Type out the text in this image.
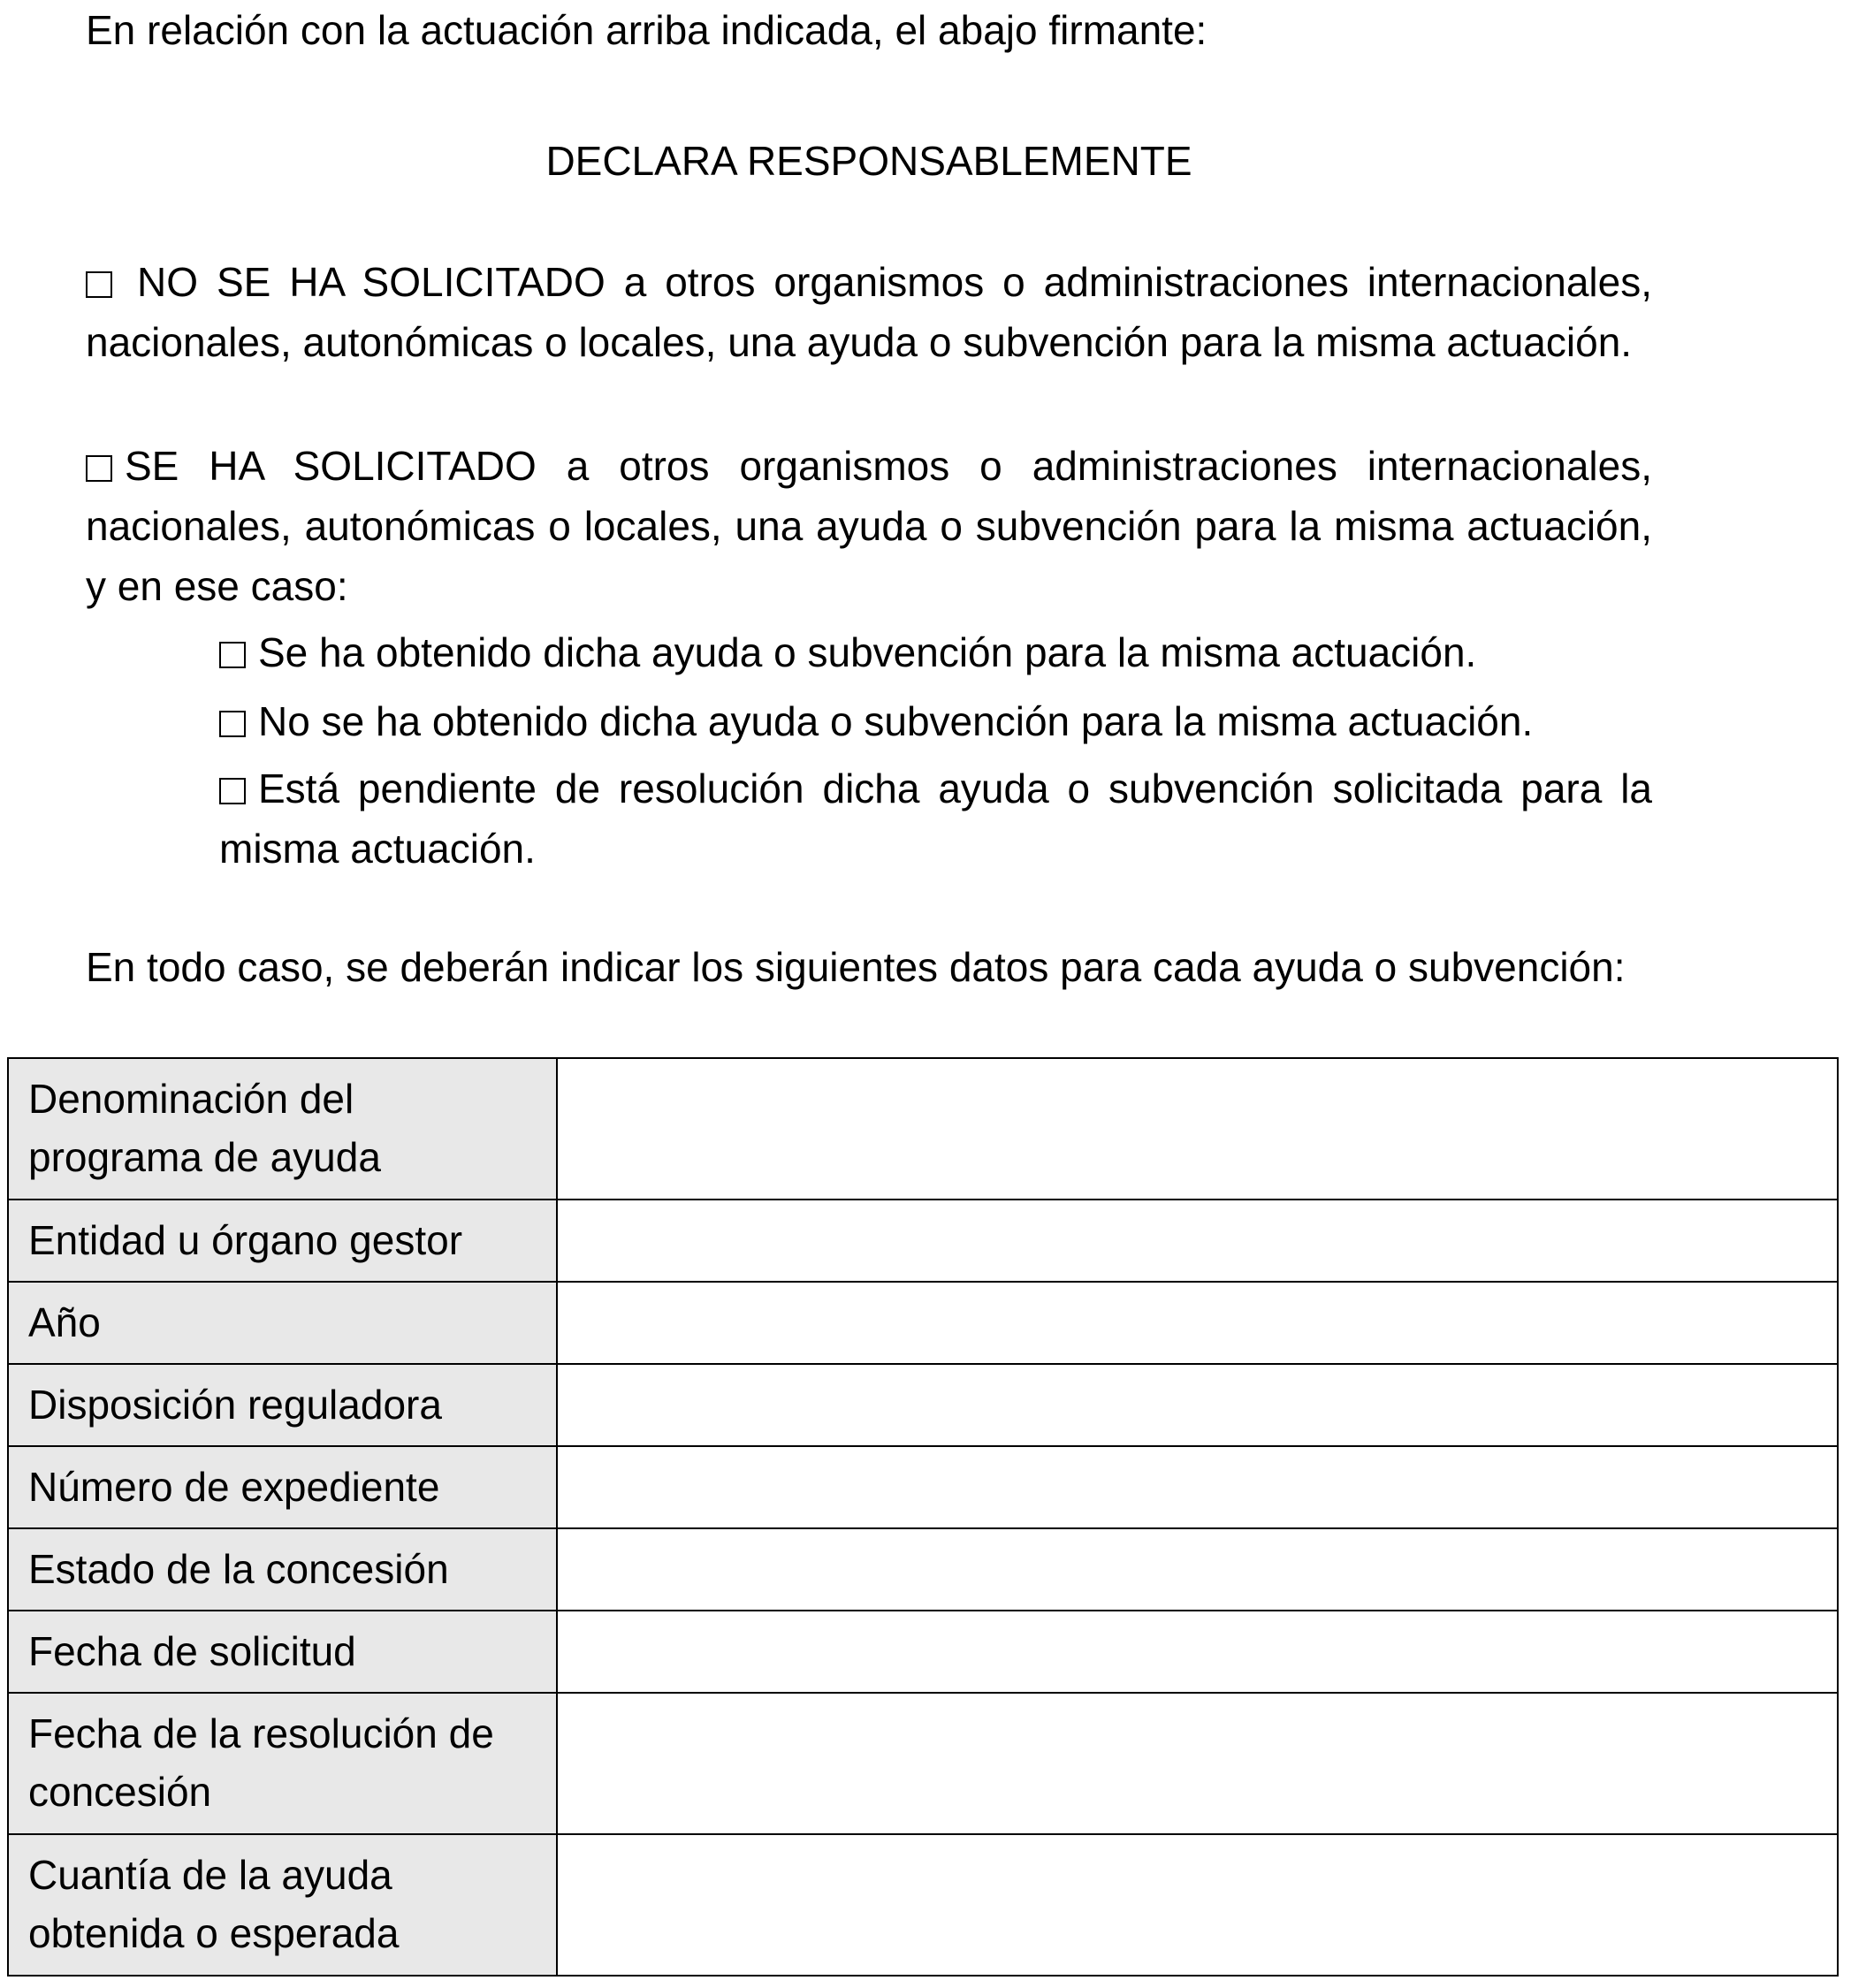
En relación con la actuación arriba indicada, el abajo firmante:
DECLARA RESPONSABLEMENTE
NO SE HA SOLICITADO a otros organismos o administraciones internacionales, nacionales, autonómicas o locales, una ayuda o subvención para la misma actuación.
SE HA SOLICITADO a otros organismos o administraciones internacionales, nacionales, autonómicas o locales, una ayuda o subvención para la misma actuación, y en ese caso:
Se ha obtenido dicha ayuda o subvención para la misma actuación.
No se ha obtenido dicha ayuda o subvención para la misma actuación.
Está pendiente de resolución dicha ayuda o subvención solicitada para la misma actuación.
En todo caso, se deberán indicar los siguientes datos para cada ayuda o subvención:
Denominación del programa de ayuda	
Entidad u órgano gestor	
Año	
Disposición reguladora	
Número de expediente	
Estado de la concesión	
Fecha de solicitud	
Fecha de la resolución de concesión	
Cuantía de la ayuda obtenida o esperada	
